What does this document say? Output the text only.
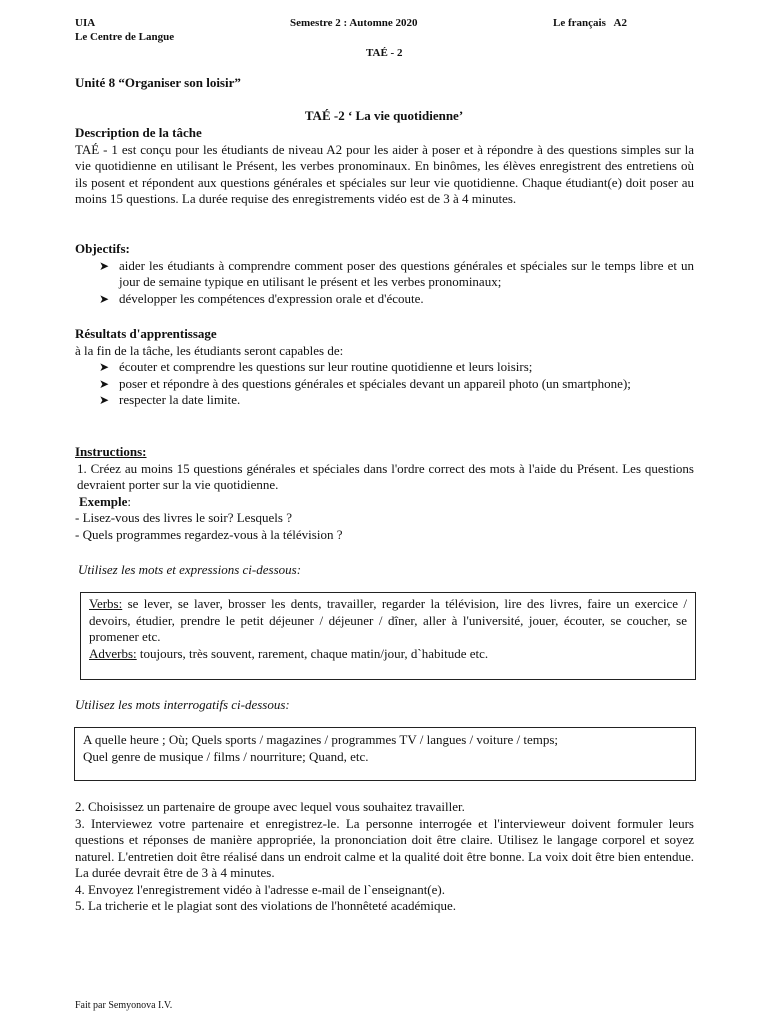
UIA
Le Centre de Langue
Semestre 2 : Automne 2020	Le français   A2
TAÉ - 2
Unité 8 “Organiser son loisir”
TAÉ -2 ‘ La vie quotidienne’
Description de la tâche
TAÉ - 1 est conçu pour les étudiants de niveau A2 pour les aider à poser et à répondre à des questions simples sur la vie quotidienne en utilisant le Présent, les verbes pronominaux. En binômes, les élèves enregistrent des entretiens où ils posent et répondent aux questions générales et spéciales sur leur vie quotidienne. Chaque étudiant(e) doit poser au moins 15 questions. La durée requise des enregistrements vidéo est de 3 à 4 minutes.
Objectifs:
➤ aider les étudiants à comprendre comment poser des questions générales et spéciales sur le temps libre et un jour de semaine typique en utilisant le présent et les verbes pronominaux;
➤ développer les compétences d'expression orale et d'écoute.
Résultats d'apprentissage
à la fin de la tâche, les étudiants seront capables de:
➤ écouter et comprendre les questions sur leur routine quotidienne et leurs loisirs;
➤ poser et répondre à des questions générales et spéciales devant un appareil photo (un smartphone);
➤ respecter la date limite.
Instructions:
1. Créez au moins 15 questions générales et spéciales dans l'ordre correct des mots à l'aide du Présent. Les questions devraient porter sur la vie quotidienne.
Exemple:
- Lisez-vous des livres le soir? Lesquels ?
- Quels programmes regardez-vous à la télévision ?
Utilisez les mots et expressions ci-dessous:
Verbs: se lever, se laver, brosser les dents, travailler, regarder la télévision, lire des livres, faire un exercice / devoirs, étudier, prendre le petit déjeuner / déjeuner / dîner, aller à l'université, jouer, écouter, se coucher, se promener etc.
Adverbs: toujours, très souvent, rarement, chaque matin/jour, d`habitude etc.
Utilisez les mots interrogatifs ci-dessous:
A quelle heure ; Où; Quels sports / magazines / programmes TV / langues / voiture / temps;
Quel genre de musique / films / nourriture; Quand, etc.
2. Choisissez un partenaire de groupe avec lequel vous souhaitez travailler.
3. Interviewez votre partenaire et enregistrez-le. La personne interrogée et l'intervieweur doivent formuler leurs questions et réponses de manière appropriée, la prononciation doit être claire. Utilisez le langage corporel et soyez naturel. L'entretien doit être réalisé dans un endroit calme et la qualité doit être bonne. La voix doit être bien entendue. La durée devrait être de 3 à 4 minutes.
4. Envoyez l'enregistrement vidéo à l'adresse e-mail de l`enseignant(e).
5. La tricherie et le plagiat sont des violations de l'honnêteté académique.
Fait par Semyonova I.V.
